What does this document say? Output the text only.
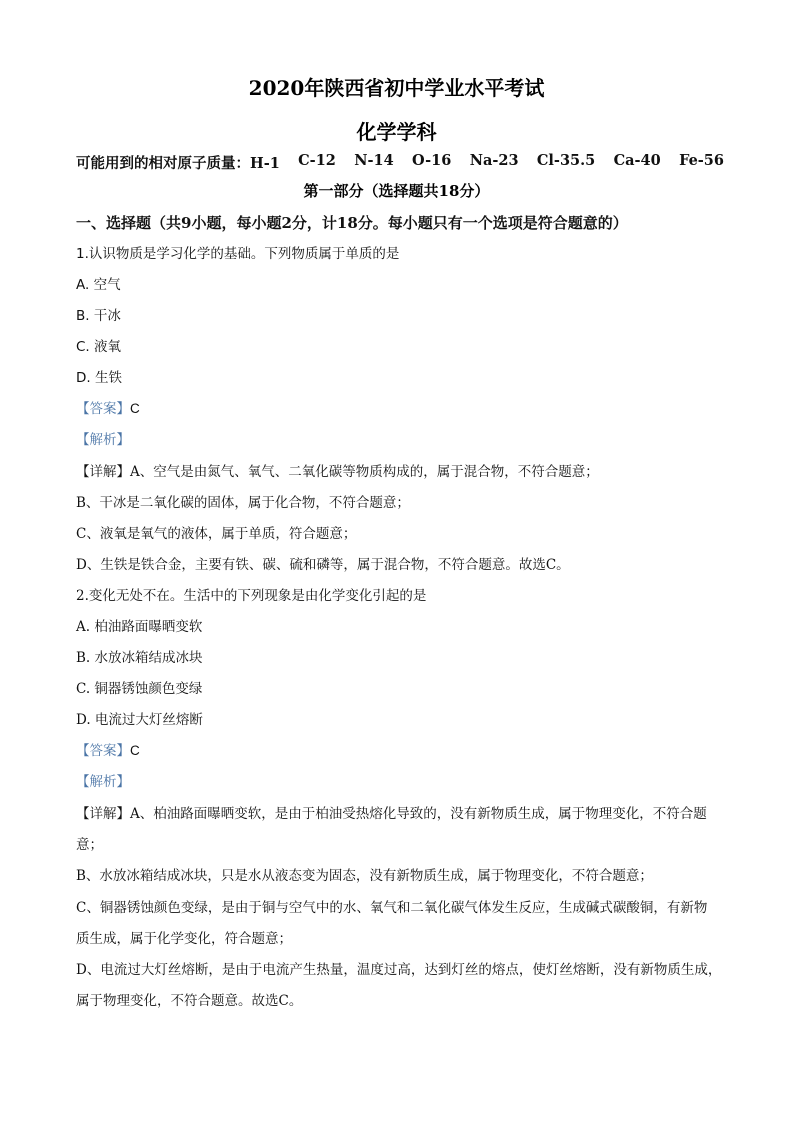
2020年陕西省初中学业水平考试
化学学科
可能用到的相对原子质量：H-1 C-12 N-14 O-16 Na-23 Cl-35.5 Ca-40 Fe-56
第一部分（选择题共18分）
一、选择题（共9小题，每小题2分，计18分。每小题只有一个选项是符合题意的）
1.认识物质是学习化学的基础。下列物质属于单质的是
A. 空气
B. 干冰
C. 液氧
D. 生铁
【答案】C
【解析】
【详解】A、空气是由氮气、氧气、二氧化碳等物质构成的，属于混合物，不符合题意；
B、干冰是二氧化碳的固体，属于化合物，不符合题意；
C、液氧是氧气的液体，属于单质，符合题意；
D、生铁是铁合金，主要有铁、碳、硫和磷等，属于混合物，不符合题意。故选C。
2.变化无处不在。生活中的下列现象是由化学变化引起的是
A. 柏油路面曝晒变软
B. 水放冰箱结成冰块
C. 铜器锈蚀颜色变绿
D. 电流过大灯丝熔断
【答案】C
【解析】
【详解】A、柏油路面曝晒变软，是由于柏油受热熔化导致的，没有新物质生成，属于物理变化，不符合题
意；
B、水放冰箱结成冰块，只是水从液态变为固态，没有新物质生成，属于物理变化，不符合题意；
C、铜器锈蚀颜色变绿，是由于铜与空气中的水、氧气和二氧化碳气体发生反应，生成碱式碳酸铜，有新物
质生成，属于化学变化，符合题意；
D、电流过大灯丝熔断，是由于电流产生热量，温度过高，达到灯丝的熔点，使灯丝熔断，没有新物质生成，
属于物理变化，不符合题意。故选C。
